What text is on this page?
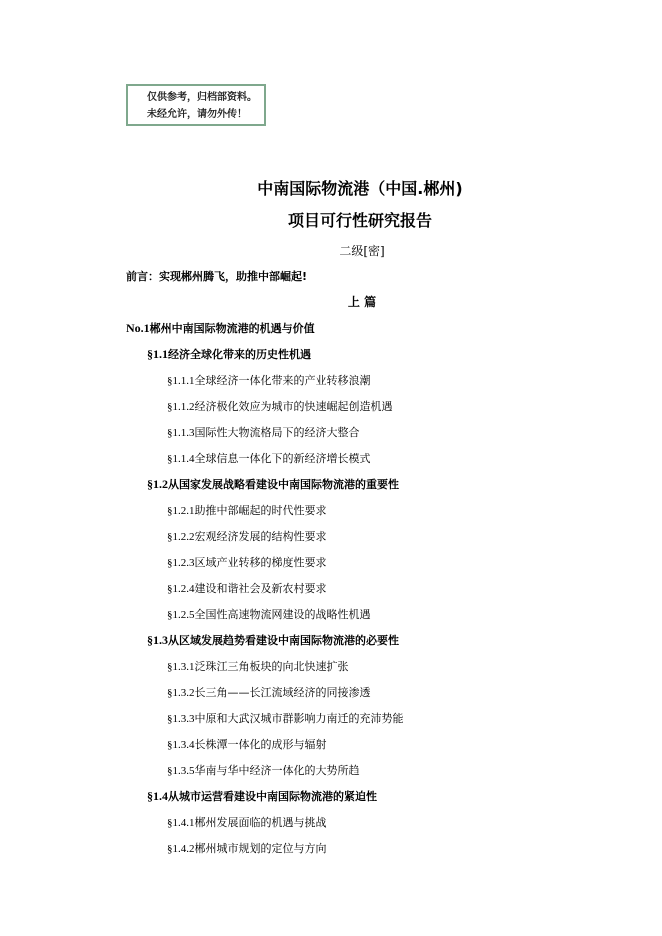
仅供参考，归档部资料。
未经允许，请勿外传！
中南国际物流港（中国.郴州)
项目可行性研究报告
二级[密]
前言：实现郴州腾飞，助推中部崛起!
上 篇
No.1郴州中南国际物流港的机遇与价值
§1.1经济全球化带来的历史性机遇
§1.1.1全球经济一体化带来的产业转移浪潮
§1.1.2经济极化效应为城市的快速崛起创造机遇
§1.1.3国际性大物流格局下的经济大整合
§1.1.4全球信息一体化下的新经济增长模式
§1.2从国家发展战略看建设中南国际物流港的重要性
§1.2.1助推中部崛起的时代性要求
§1.2.2宏观经济发展的结构性要求
§1.2.3区域产业转移的梯度性要求
§1.2.4建设和谐社会及新农村要求
§1.2.5全国性高速物流网建设的战略性机遇
§1.3从区域发展趋势看建设中南国际物流港的必要性
§1.3.1泛珠江三角板块的向北快速扩张
§1.3.2长三角——长江流域经济的同接渗透
§1.3.3中原和大武汉城市群影响力南迁的充沛势能
§1.3.4长株潭一体化的成形与辐射
§1.3.5华南与华中经济一体化的大势所趋
§1.4从城市运营看建设中南国际物流港的紧迫性
§1.4.1郴州发展面临的机遇与挑战
§1.4.2郴州城市规划的定位与方向
